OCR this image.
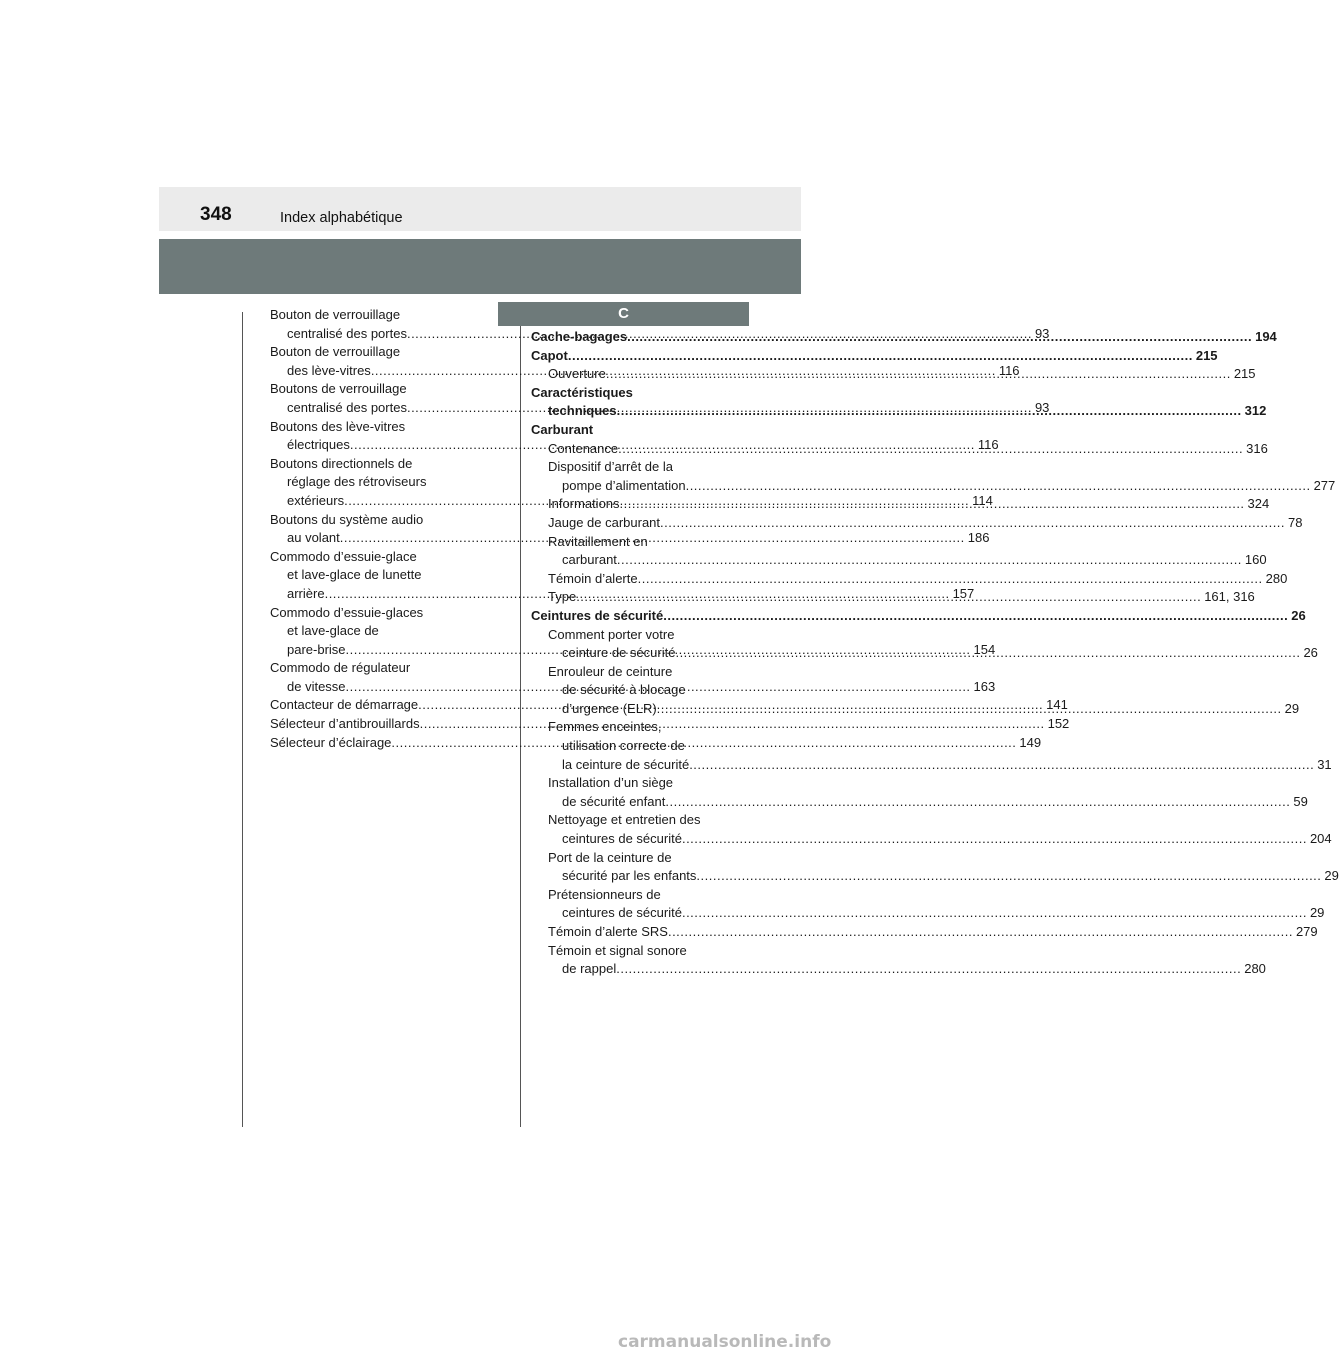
348	Index alphabétique
C
Bouton de verrouillage
centralisé des portes .....	93
Bouton de verrouillage
des lève-vitres .....	116
Boutons de verrouillage
centralisé des portes .....	93
Boutons des lève-vitres
électriques .....	116
Boutons directionnels de
réglage des rétroviseurs
extérieurs .....	114
Boutons du système audio
au volant .....	186
Commodo d’essuie-glace
et lave-glace de lunette
arrière .....	157
Commodo d’essuie-glaces
et lave-glace de
pare-brise .....	154
Commodo de régulateur
de vitesse .....	163
Contacteur de démarrage .....	141
Sélecteur d’antibrouillards .....	152
Sélecteur d’éclairage .....	149
Cache-bagages .....	194
Capot .....	215
Ouverture .....	215
Caractéristiques
techniques .....	312
Carburant
Contenance .....	316
Dispositif d’arrêt de la
pompe d’alimentation .....	277
Informations .....	324
Jauge de carburant .....	78
Ravitaillement en
carburant .....	160
Témoin d’alerte .....	280
Type .....	161, 316
Ceintures de sécurité .....	26
Comment porter votre
ceinture de sécurité .....	26
Enrouleur de ceinture
de sécurité à blocage
d’urgence (ELR) .....	29
Femmes enceintes,
utilisation correcte de
la ceinture de sécurité .....	31
Installation d’un siège
de sécurité enfant .....	59
Nettoyage et entretien des
ceintures de sécurité .....	204
Port de la ceinture de
sécurité par les enfants .....	29
Prétensionneurs de
ceintures de sécurité .....	29
Témoin d’alerte SRS .....	279
Témoin et signal sonore
de rappel .....	280
carmanualsonline.info
